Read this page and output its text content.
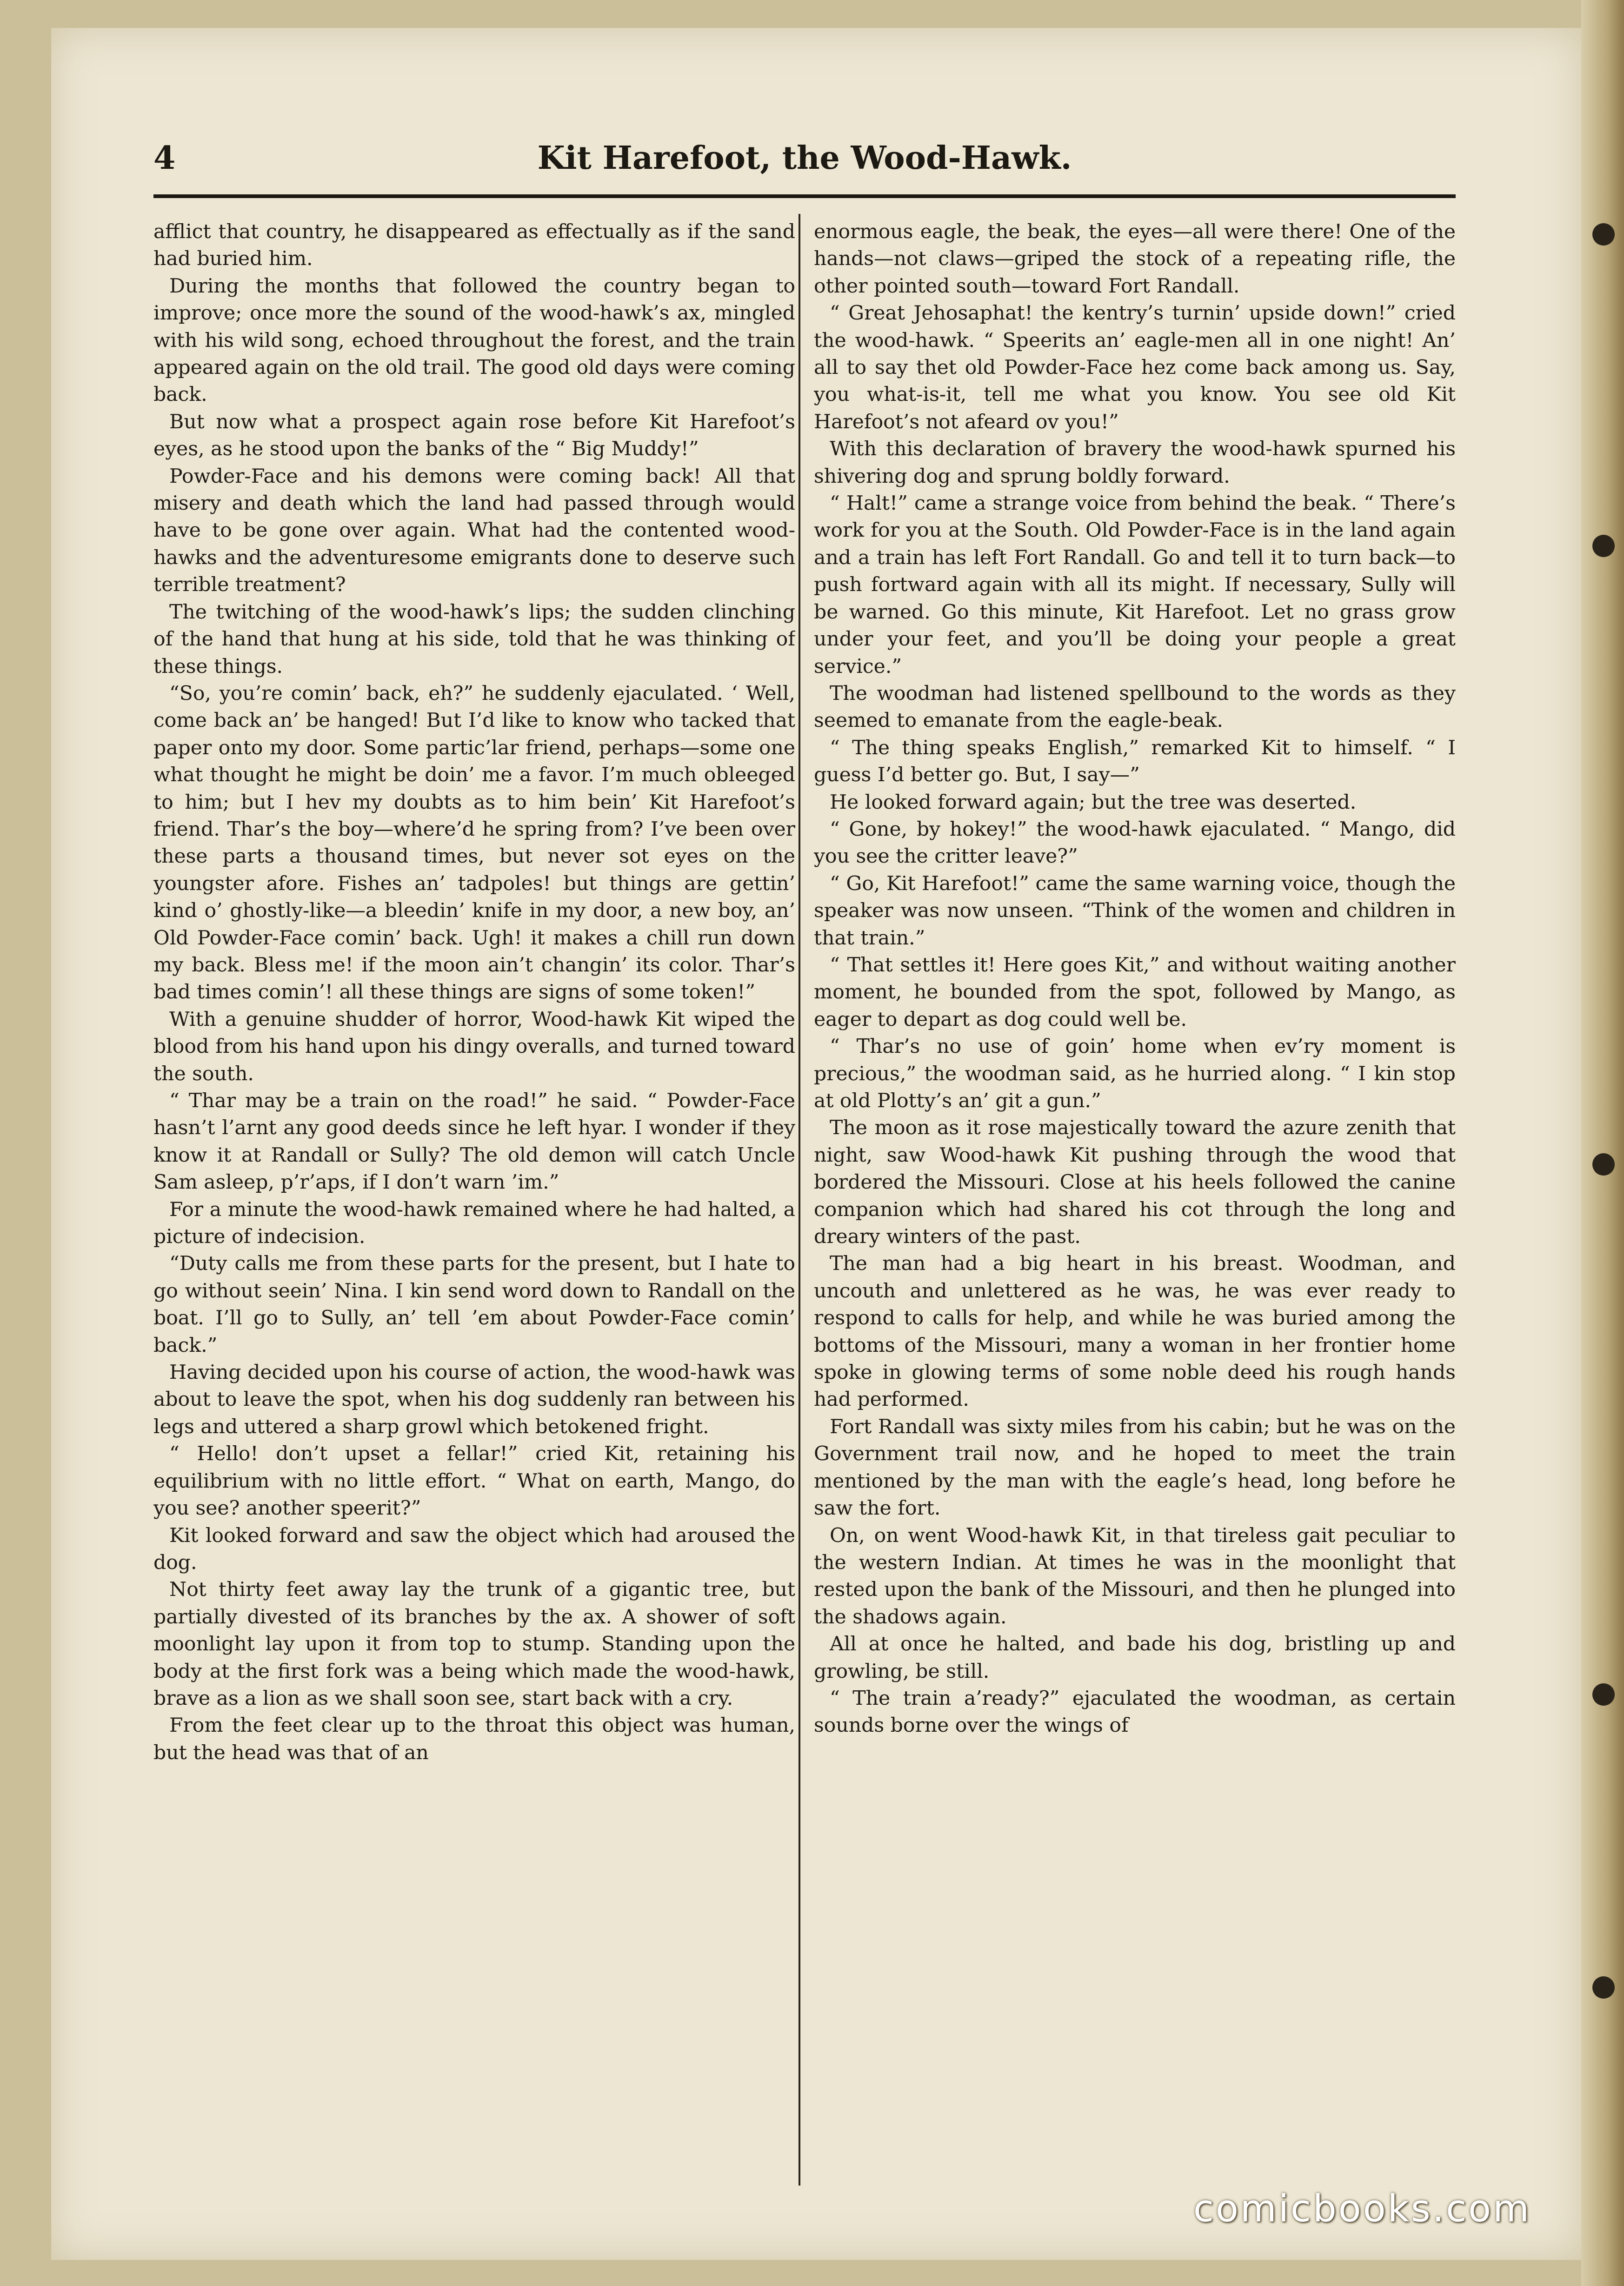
4	Kit Harefoot, the Wood-Hawk.

afflict that country, he disappeared as effectually as if the sand had buried him.

During the months that followed the country began to improve; once more the sound of the wood-hawk’s ax, mingled with his wild song, echoed throughout the forest, and the train appeared again on the old trail. The good old days were coming back.

But now what a prospect again rose before Kit Harefoot’s eyes, as he stood upon the banks of the “ Big Muddy!”

Powder-Face and his demons were coming back! All that misery and death which the land had passed through would have to be gone over again. What had the contented wood-hawks and the adventuresome emigrants done to deserve such terrible treatment?

The twitching of the wood-hawk’s lips; the sudden clinching of the hand that hung at his side, told that he was thinking of these things.

“So, you’re comin’ back, eh?” he suddenly ejaculated. ‘ Well, come back an’ be hanged! But I’d like to know who tacked that paper onto my door. Some partic’lar friend, perhaps—some one what thought he might be doin’ me a favor. I’m much obleeged to him; but I hev my doubts as to him bein’ Kit Harefoot’s friend. Thar’s the boy—where’d he spring from? I’ve been over these parts a thousand times, but never sot eyes on the youngster afore. Fishes an’ tadpoles! but things are gettin’ kind o’ ghostly-like—a bleedin’ knife in my door, a new boy, an’ Old Powder-Face comin’ back. Ugh! it makes a chill run down my back. Bless me! if the moon ain’t changin’ its color. Thar’s bad times comin’! all these things are signs of some token!”

With a genuine shudder of horror, Wood-hawk Kit wiped the blood from his hand upon his dingy overalls, and turned toward the south.

“ Thar may be a train on the road!” he said. “ Powder-Face hasn’t l’arnt any good deeds since he left hyar. I wonder if they know it at Randall or Sully? The old demon will catch Uncle Sam asleep, p’r’aps, if I don’t warn ’im.”

For a minute the wood-hawk remained where he had halted, a picture of indecision.

“Duty calls me from these parts for the present, but I hate to go without seein’ Nina. I kin send word down to Randall on the boat. I’ll go to Sully, an’ tell ’em about Powder-Face comin’ back.”

Having decided upon his course of action, the wood-hawk was about to leave the spot, when his dog suddenly ran between his legs and uttered a sharp growl which betokened fright.

“ Hello! don’t upset a fellar!” cried Kit, retaining his equilibrium with no little effort. “ What on earth, Mango, do you see? another speerit?”

Kit looked forward and saw the object which had aroused the dog.

Not thirty feet away lay the trunk of a gigantic tree, but partially divested of its branches by the ax. A shower of soft moonlight lay upon it from top to stump. Standing upon the body at the first fork was a being which made the wood-hawk, brave as a lion as we shall soon see, start back with a cry.

From the feet clear up to the throat this object was human, but the head was that of an

enormous eagle, the beak, the eyes—all were there! One of the hands—not claws—griped the stock of a repeating rifle, the other pointed south—toward Fort Randall.

“ Great Jehosaphat! the kentry’s turnin’ upside down!” cried the wood-hawk. “ Speerits an’ eagle-men all in one night! An’ all to say thet old Powder-Face hez come back among us. Say, you what-is-it, tell me what you know. You see old Kit Harefoot’s not afeard ov you!”

With this declaration of bravery the wood-hawk spurned his shivering dog and sprung boldly forward.

“ Halt!” came a strange voice from behind the beak. “ There’s work for you at the South. Old Powder-Face is in the land again and a train has left Fort Randall. Go and tell it to turn back—to push fortward again with all its might. If necessary, Sully will be warned. Go this minute, Kit Harefoot. Let no grass grow under your feet, and you’ll be doing your people a great service.”

The woodman had listened spellbound to the words as they seemed to emanate from the eagle-beak.

“ The thing speaks English,” remarked Kit to himself. “ I guess I’d better go. But, I say—”

He looked forward again; but the tree was deserted.

“ Gone, by hokey!” the wood-hawk ejaculated. “ Mango, did you see the critter leave?”

“ Go, Kit Harefoot!” came the same warning voice, though the speaker was now unseen. “Think of the women and children in that train.”

“ That settles it! Here goes Kit,” and without waiting another moment, he bounded from the spot, followed by Mango, as eager to depart as dog could well be.

“ Thar’s no use of goin’ home when ev’ry moment is precious,” the woodman said, as he hurried along. “ I kin stop at old Plotty’s an’ git a gun.”

The moon as it rose majestically toward the azure zenith that night, saw Wood-hawk Kit pushing through the wood that bordered the Missouri. Close at his heels followed the canine companion which had shared his cot through the long and dreary winters of the past.

The man had a big heart in his breast. Woodman, and uncouth and unlettered as he was, he was ever ready to respond to calls for help, and while he was buried among the bottoms of the Missouri, many a woman in her frontier home spoke in glowing terms of some noble deed his rough hands had performed.

Fort Randall was sixty miles from his cabin; but he was on the Government trail now, and he hoped to meet the train mentioned by the man with the eagle’s head, long before he saw the fort.

On, on went Wood-hawk Kit, in that tireless gait peculiar to the western Indian. At times he was in the moonlight that rested upon the bank of the Missouri, and then he plunged into the shadows again.

All at once he halted, and bade his dog, bristling up and growling, be still.

“ The train a’ready?” ejaculated the woodman, as certain sounds borne over the wings of

comicbooks.com
